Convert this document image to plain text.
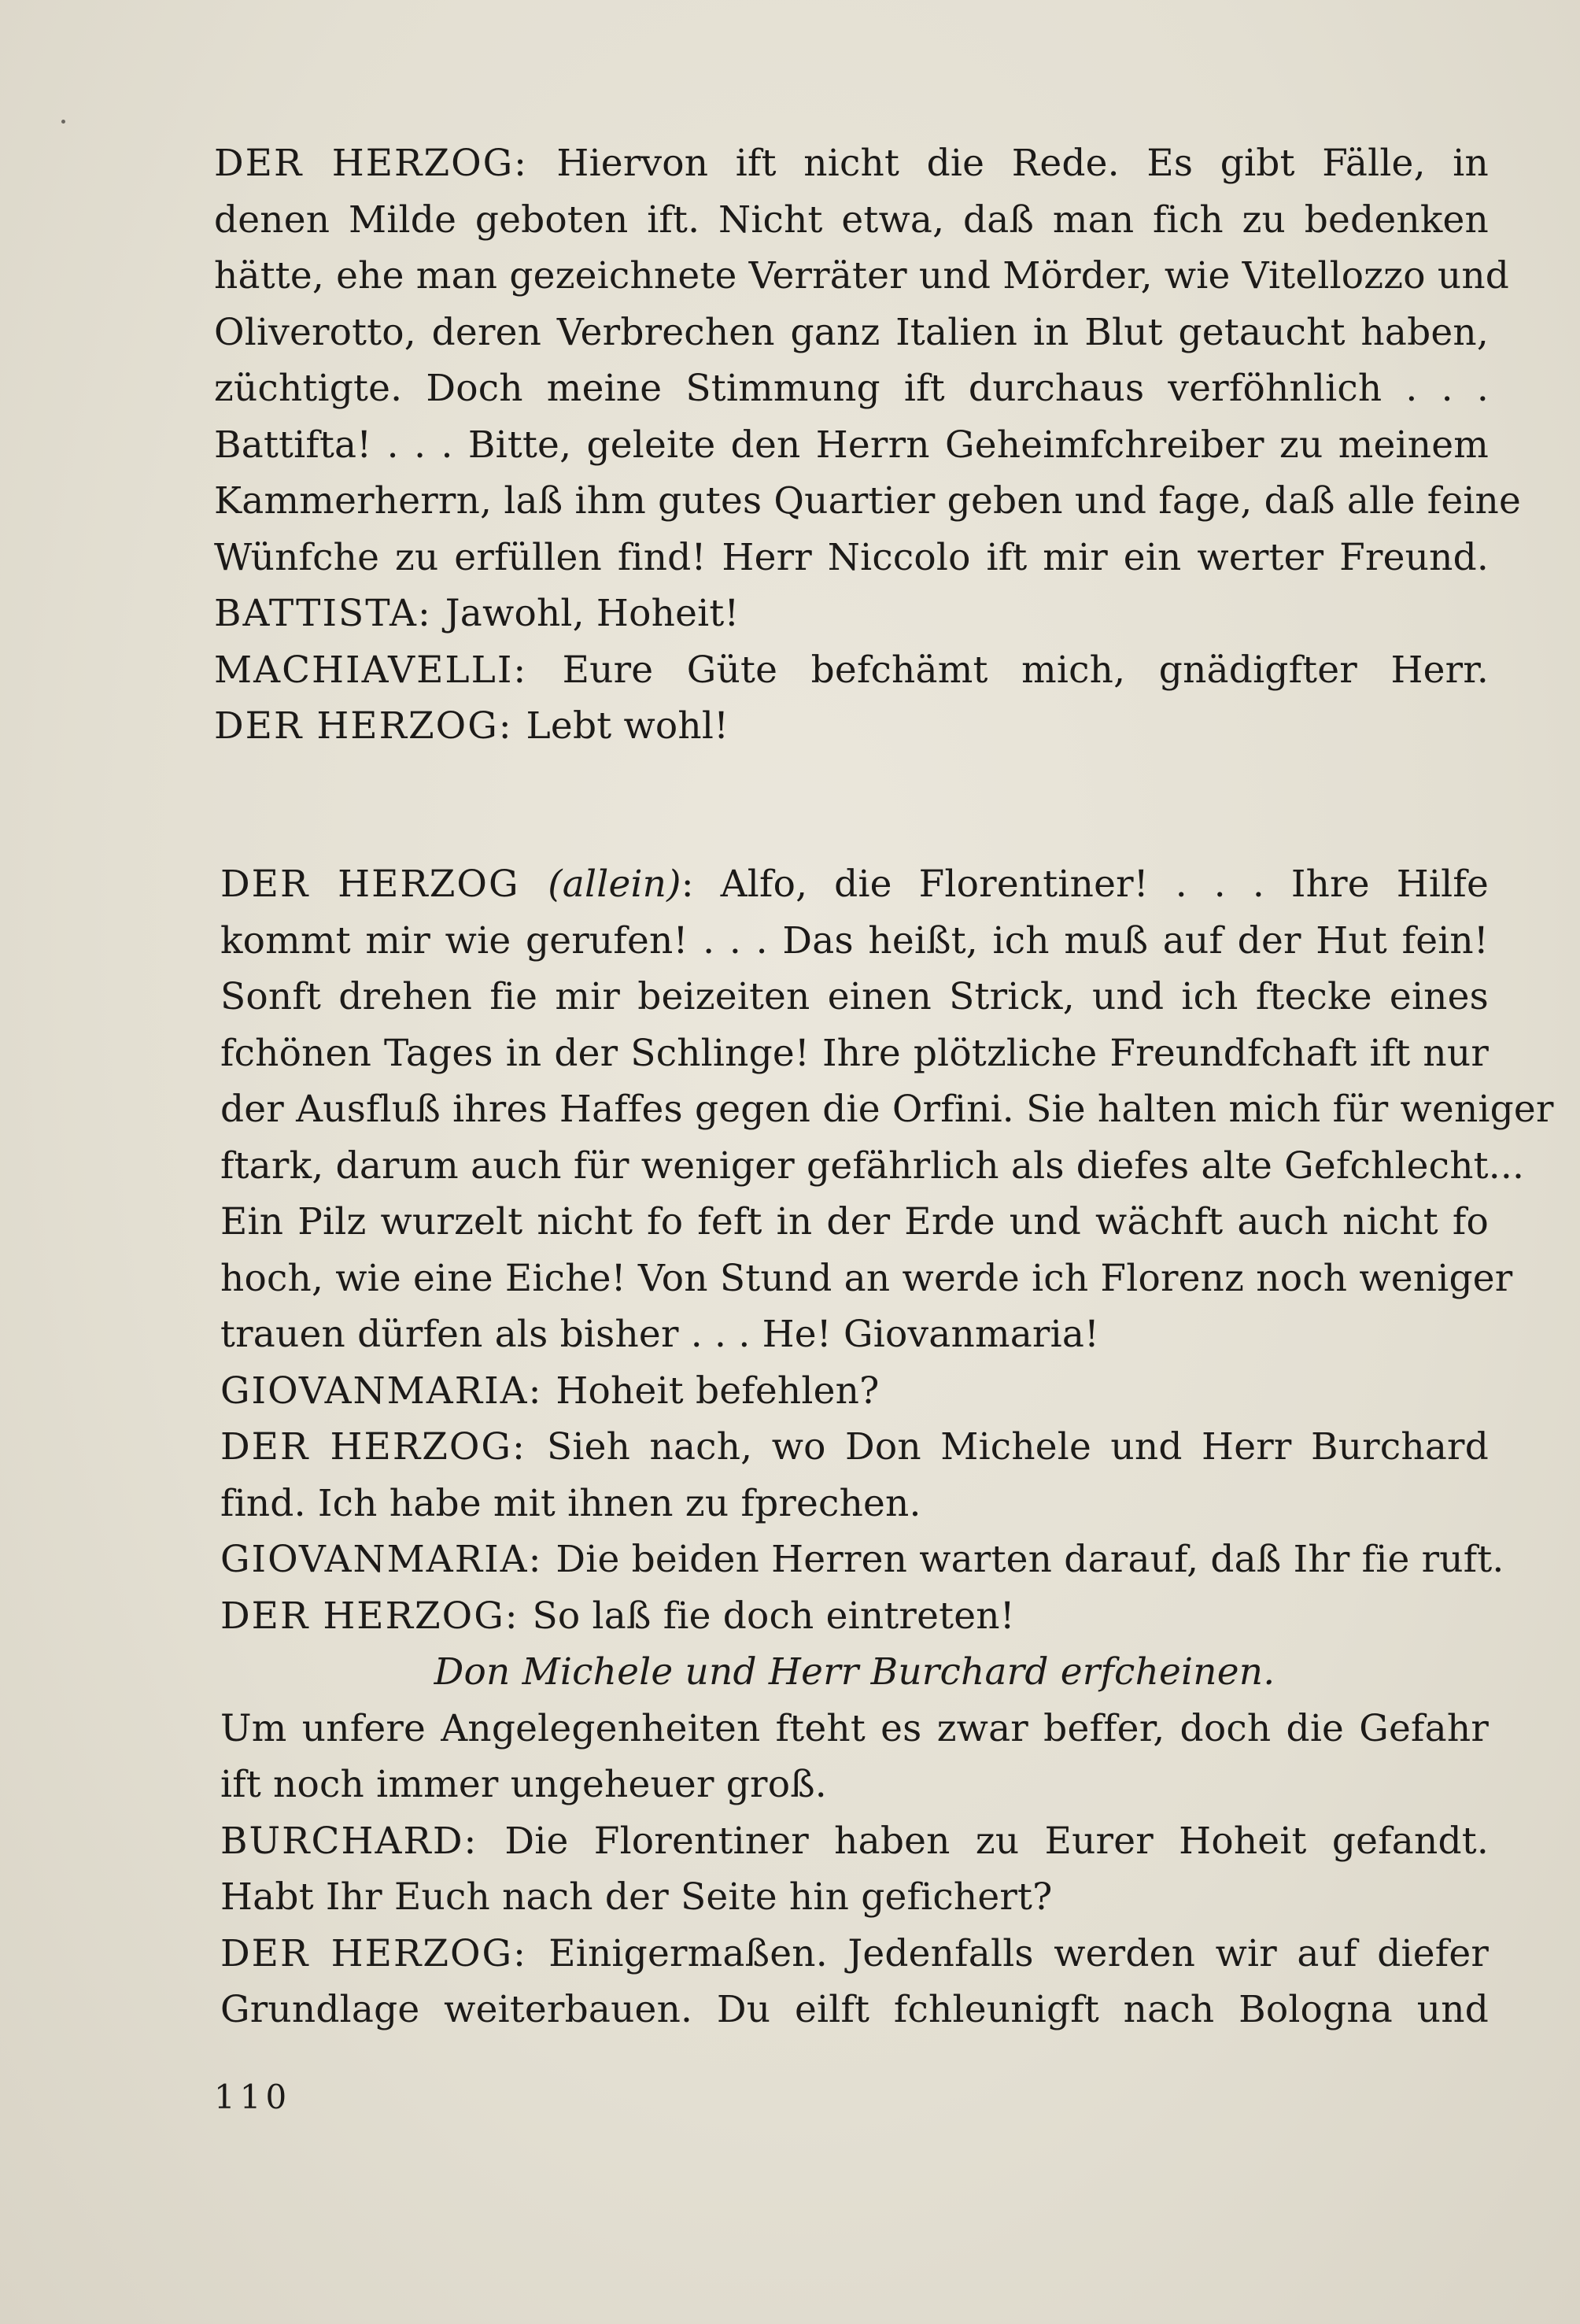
DER HERZOG: Hiervon ift nicht die Rede. Es gibt Fälle, in
denen Milde geboten ift. Nicht etwa, daß man fich zu bedenken
hätte, ehe man gezeichnete Verräter und Mörder, wie Vitellozzo und
Oliverotto, deren Verbrechen ganz Italien in Blut getaucht haben,
züchtigte. Doch meine Stimmung ift durchaus verföhnlich . . .
Battifta! . . . Bitte, geleite den Herrn Geheimfchreiber zu meinem
Kammerherrn, laß ihm gutes Quartier geben und fage, daß alle feine
Wünfche zu erfüllen find! Herr Niccolo ift mir ein werter Freund.
BATTISTA: Jawohl, Hoheit!
MACHIAVELLI: Eure Güte befchämt mich, gnädigfter Herr.
DER HERZOG: Lebt wohl!
DER HERZOG (allein): Alfo, die Florentiner! . . . Ihre Hilfe
kommt mir wie gerufen! . . . Das heißt, ich muß auf der Hut fein!
Sonft drehen fie mir beizeiten einen Strick, und ich ftecke eines
fchönen Tages in der Schlinge! Ihre plötzliche Freundfchaft ift nur
der Ausfluß ihres Haffes gegen die Orfini. Sie halten mich für weniger
ftark, darum auch für weniger gefährlich als diefes alte Gefchlecht...
Ein Pilz wurzelt nicht fo feft in der Erde und wächft auch nicht fo
hoch, wie eine Eiche! Von Stund an werde ich Florenz noch weniger
trauen dürfen als bisher . . . He! Giovanmaria!
GIOVANMARIA: Hoheit befehlen?
DER HERZOG: Sieh nach, wo Don Michele und Herr Burchard
find. Ich habe mit ihnen zu fprechen.
GIOVANMARIA: Die beiden Herren warten darauf, daß Ihr fie ruft.
DER HERZOG: So laß fie doch eintreten!
Don Michele und Herr Burchard erfcheinen.
Um unfere Angelegenheiten fteht es zwar beffer, doch die Gefahr
ift noch immer ungeheuer groß.
BURCHARD: Die Florentiner haben zu Eurer Hoheit gefandt.
Habt Ihr Euch nach der Seite hin gefichert?
DER HERZOG: Einigermaßen. Jedenfalls werden wir auf diefer
Grundlage weiterbauen. Du eilft fchleunigft nach Bologna und
110
